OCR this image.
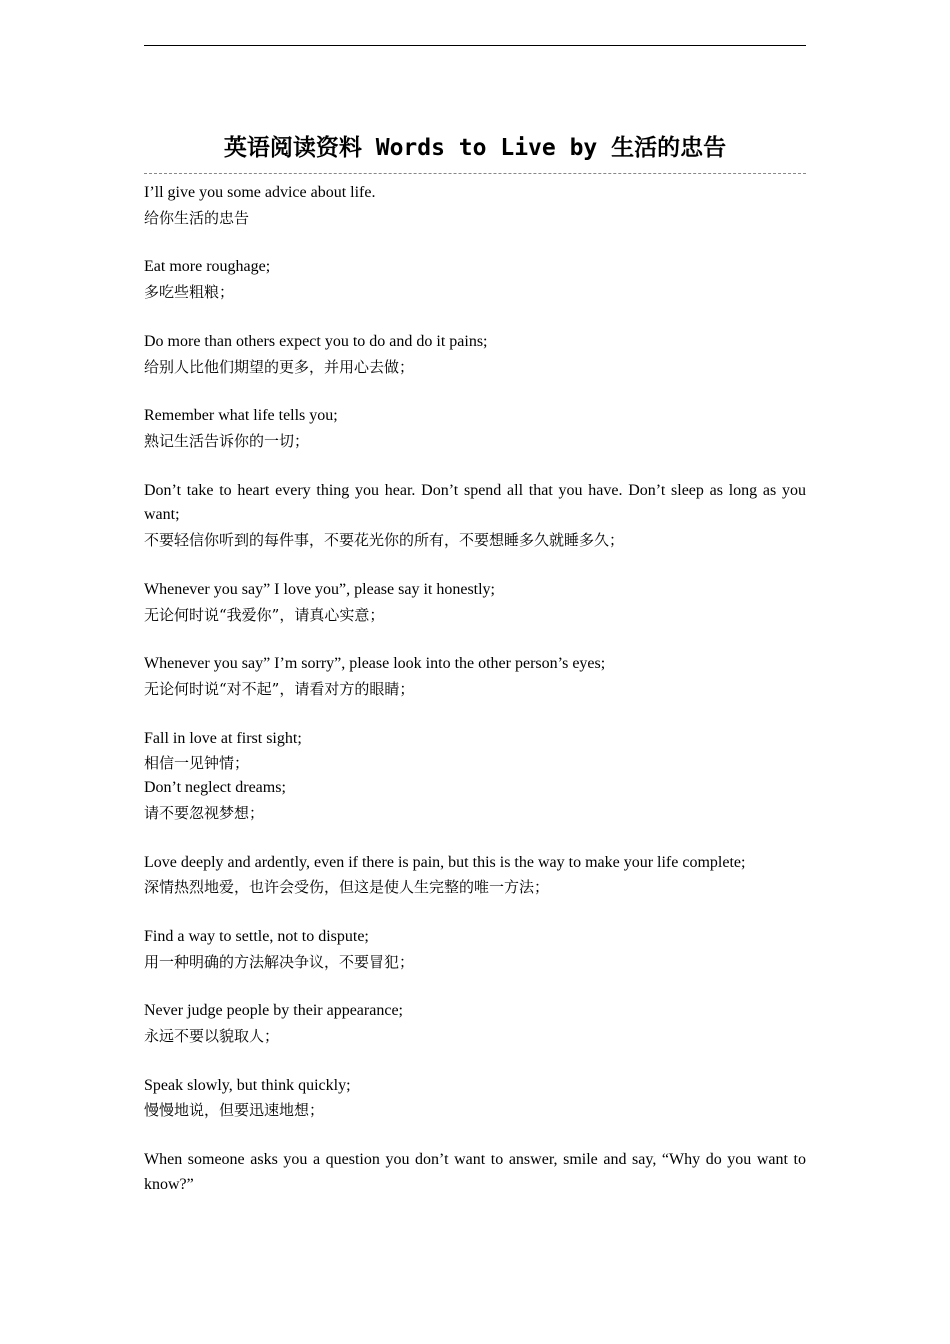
英语阅读资料 Words to Live by 生活的忠告
I’ll give you some advice about life.
给你生活的忠告
Eat more roughage;
多吃些粗粮；
Do more than others expect you to do and do it pains;
给别人比他们期望的更多，并用心去做；
Remember what life tells you;
熟记生活告诉你的一切；
Don’t take to heart every thing you hear. Don’t spend all that you have. Don’t sleep as long as you want;
不要轻信你听到的每件事，不要花光你的所有，不要想睡多久就睡多久；
Whenever you say” I love you”, please say it honestly;
无论何时说“我爱你”，请真心实意；
Whenever you say” I’m sorry”, please look into the other person’s eyes;
无论何时说“对不起”，请看对方的眼睛；
Fall in love at first sight;
相信一见钟情；
Don’t neglect dreams;
请不要忽视梦想；
Love deeply and ardently, even if there is pain, but this is the way to make your life complete;
深情热烈地爱，也许会受伤，但这是使人生完整的唯一方法；
Find a way to settle, not to dispute;
用一种明确的方法解决争议，不要冒犯；
Never judge people by their appearance;
永远不要以貌取人；
Speak slowly, but think quickly;
慢慢地说，但要迅速地想；
When someone asks you a question you don’t want to answer, smile and say, “Why do you want to know?”
